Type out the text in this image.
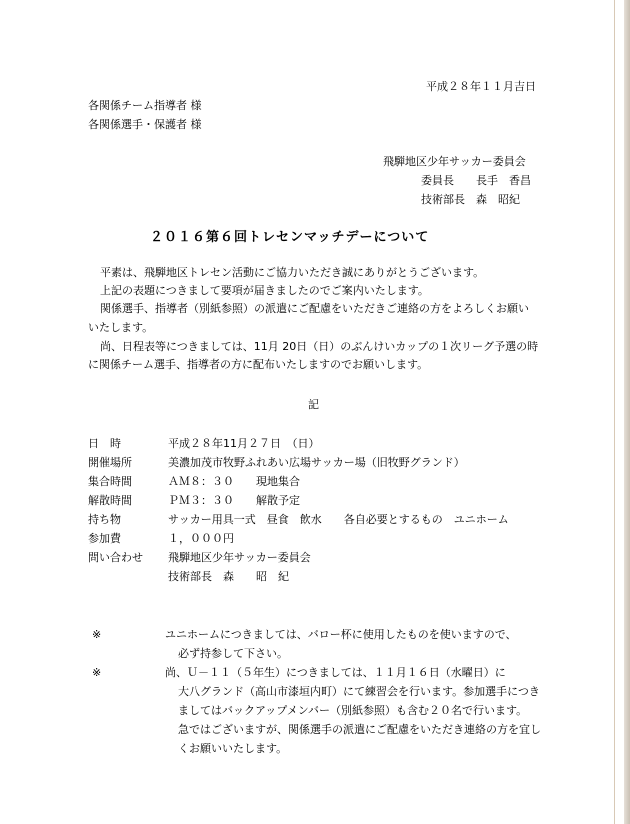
平成２８年１１月吉日
各関係チーム指導者 様
各関係選手・保護者 様
飛騨地区少年サッカー委員会
委員長　　長手　香昌
技術部長　森　昭紀
２０１６第６回トレセンマッチデーについて
平素は、飛騨地区トレセン活動にご協力いただき誠にありがとうございます。
上記の表題につきまして要項が届きましたのでご案内いたします。
関係選手、指導者（別紙参照）の派遣にご配慮をいただきご連絡の方をよろしくお願い
いたします。
尚、日程表等につきましては、11月 20日（日）のぶんけいカップの１次リーグ予選の時
に関係チーム選手、指導者の方に配布いたしますのでお願いします。
記
日　時	平成２８年11月２７日　（日）
開催場所	美濃加茂市牧野ふれあい広場サッカー場（旧牧野グランド）
集合時間	ＡＭ８：３０　　現地集合
解散時間	ＰＭ３：３０　　解散予定
持ち物	サッカー用具一式　昼食　飲水　　各自必要とするもの　ユニホーム
参加費	１，０００円
問い合わせ 飛騨地区少年サッカー委員会
技術部長　森　　昭　紀
※	ユニホームにつきましては、バロー杯に使用したものを使いますので、
必ず持参して下さい。
※	尚、Ｕ－１１（５年生）につきましては、１１月１６日（水曜日）に
大八グランド（高山市漆垣内町）にて練習会を行います。参加選手につき
ましてはバックアップメンバー（別紙参照）も含む２０名で行います。
急ではございますが、関係選手の派遣にご配慮をいただき連絡の方を宜し
くお願いいたします。
